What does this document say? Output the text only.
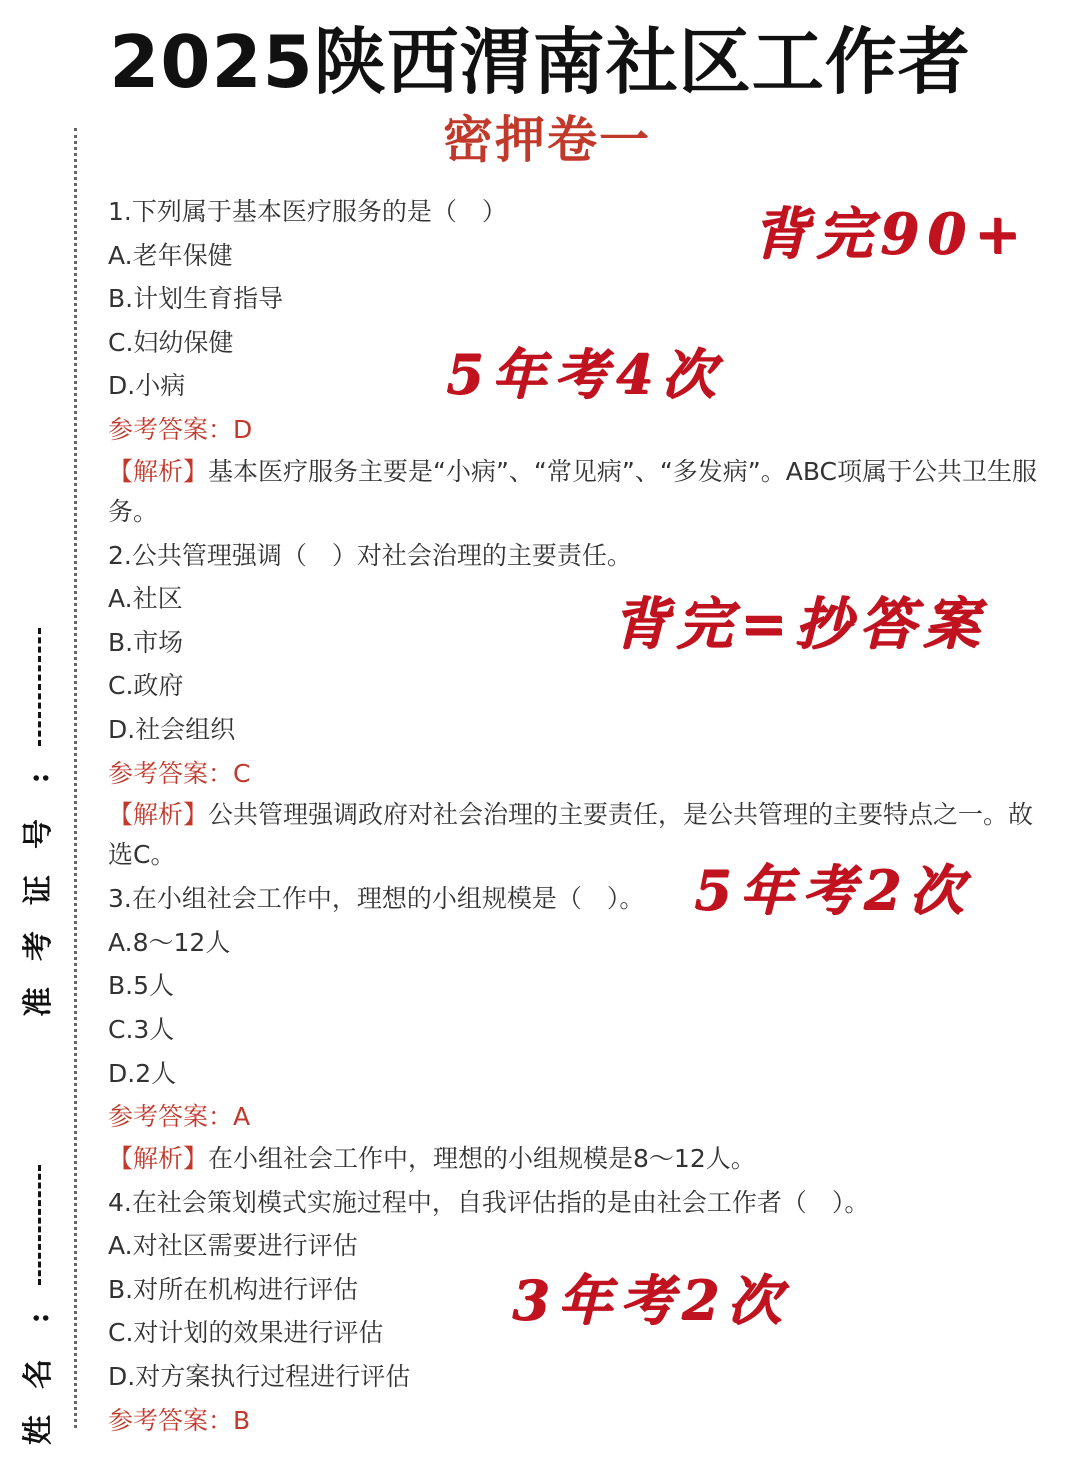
2025陕西渭南社区工作者
密押卷一
:
号
证
考
准
:
名
姓
1.下列属于基本医疗服务的是（　）
A.老年保健
B.计划生育指导
C.妇幼保健
D.小病
参考答案：D
【解析】基本医疗服务主要是“小病”、“常见病”、“多发病”。ABC项属于公共卫生服务。
2.公共管理强调（　）对社会治理的主要责任。
A.社区
B.市场
C.政府
D.社会组织
参考答案：C
【解析】公共管理强调政府对社会治理的主要责任，是公共管理的主要特点之一。故选C。
3.在小组社会工作中，理想的小组规模是（　）。
A.8～12人
B.5人
C.3人
D.2人
参考答案：A
【解析】在小组社会工作中，理想的小组规模是8～12人。
4.在社会策划模式实施过程中，自我评估指的是由社会工作者（　）。
A.对社区需要进行评估
B.对所在机构进行评估
C.对计划的效果进行评估
D.对方案执行过程进行评估
参考答案：B
背完90+
5年考4次
背完=抄答案
5年考2次
3年考2次
